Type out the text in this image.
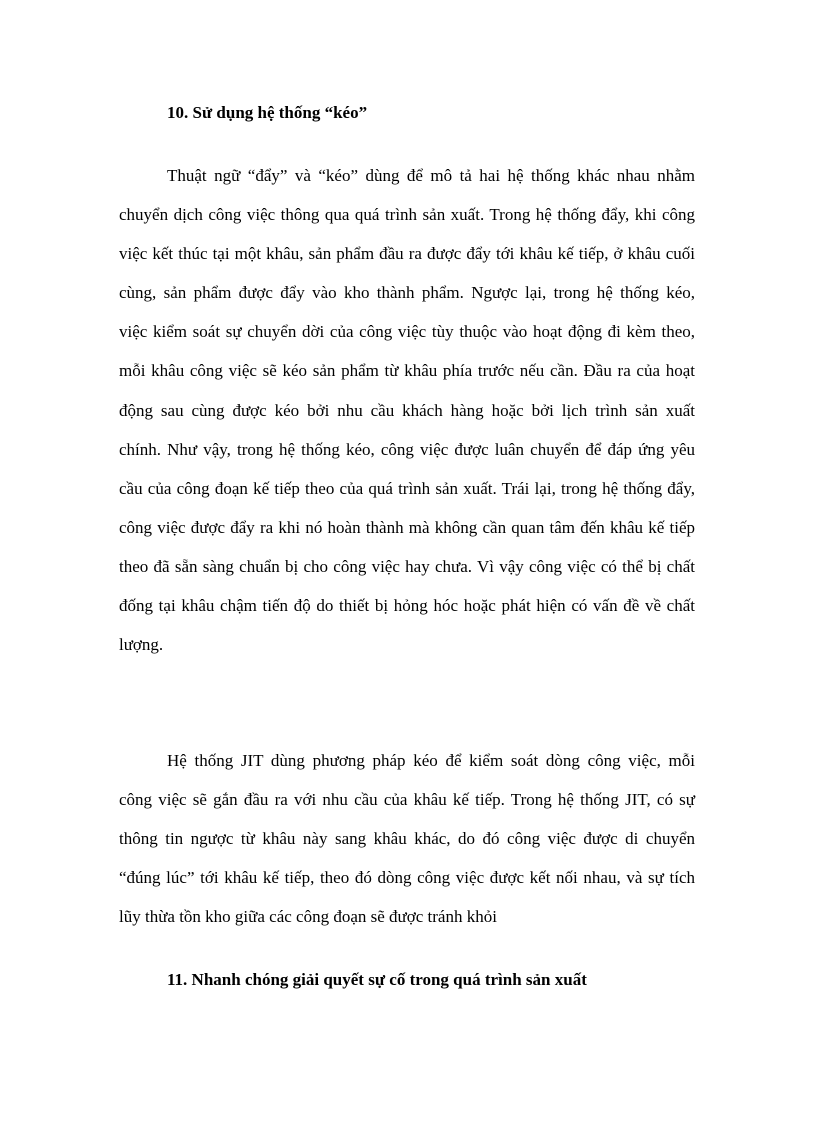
10. Sử dụng hệ thống “kéo”
Thuật ngữ “đẩy” và “kéo” dùng để mô tả hai hệ thống khác nhau nhằm
chuyển dịch công việc thông qua quá trình sản xuất. Trong hệ thống đẩy, khi công
việc kết thúc tại một khâu, sản phẩm đầu ra được đẩy tới khâu kế tiếp, ở khâu cuối
cùng, sản phẩm được đẩy vào kho thành phẩm. Ngược lại, trong hệ thống kéo,
việc kiểm soát sự chuyển dời của công việc tùy thuộc vào hoạt động đi kèm theo,
mỗi khâu công việc sẽ kéo sản phẩm từ khâu phía trước nếu cần. Đầu ra của hoạt
động sau cùng được kéo bởi nhu cầu khách hàng hoặc bởi lịch trình sản xuất
chính. Như vậy, trong hệ thống kéo, công việc được luân chuyển để đáp ứng yêu
cầu của công đoạn kế tiếp theo của quá trình sản xuất. Trái lại, trong hệ thống đẩy,
công việc được đẩy ra khi nó hoàn thành mà không cần quan tâm đến khâu kế tiếp
theo đã sẵn sàng chuẩn bị cho công việc hay chưa. Vì vậy công việc có thể bị chất
đống tại khâu chậm tiến độ do thiết bị hỏng hóc hoặc phát hiện có vấn đề về chất
lượng.
Hệ thống JIT dùng phương pháp kéo để kiểm soát dòng công việc, mỗi
công việc sẽ gắn đầu ra với nhu cầu của khâu kế tiếp. Trong hệ thống JIT, có sự
thông tin ngược từ khâu này sang khâu khác, do đó công việc được di chuyển
“đúng lúc” tới khâu kế tiếp, theo đó dòng công việc được kết nối nhau, và sự tích
lũy thừa tồn kho giữa các công đoạn sẽ được tránh khỏi
11. Nhanh chóng giải quyết sự cố trong quá trình sản xuất
